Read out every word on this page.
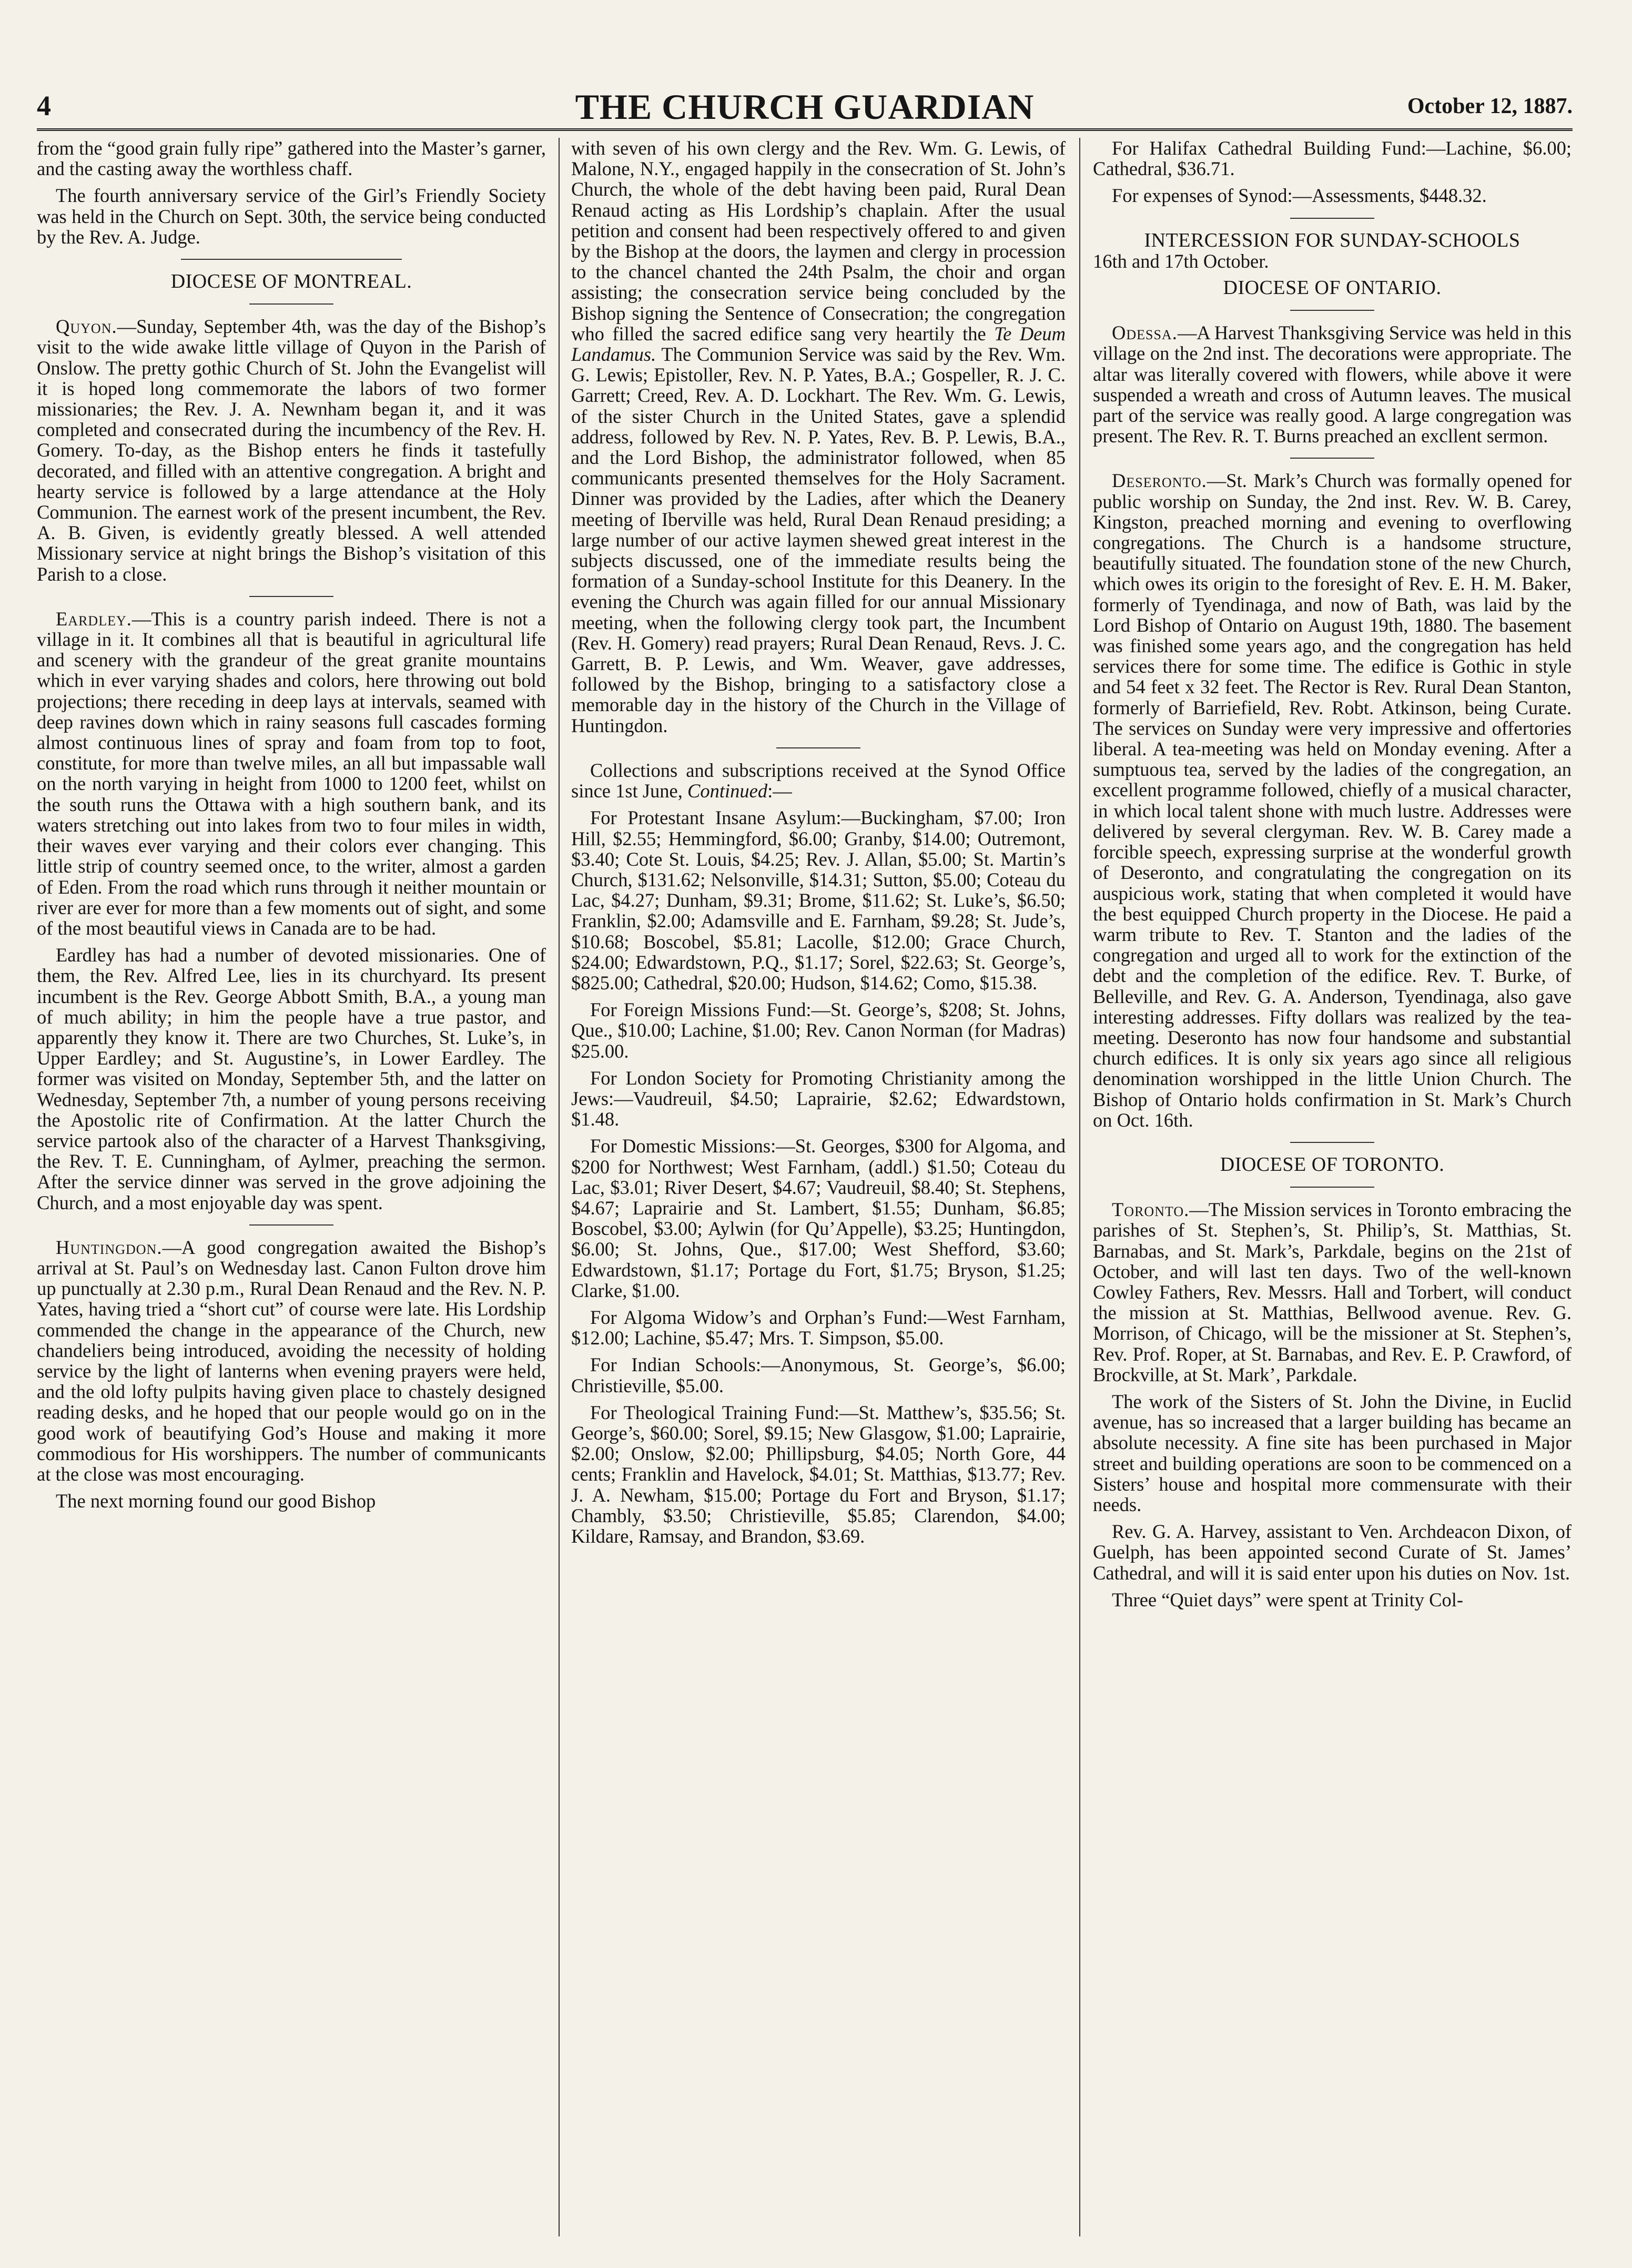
4	THE CHURCH GUARDIAN	October 12, 1887.

from the “good grain fully ripe” gathered into the Master’s garner, and the casting away the worthless chaff.

The fourth anniversary service of the Girl’s Friendly Society was held in the Church on Sept. 30th, the service being conducted by the Rev. A. Judge.

DIOCESE OF MONTREAL.

Quyon.—Sunday, September 4th, was the day of the Bishop’s visit to the wide awake little village of Quyon in the Parish of Onslow. The pretty gothic Church of St. John the Evangelist will it is hoped long commemorate the labors of two former missionaries; the Rev. J. A. Newnham began it, and it was completed and consecrated during the incumbency of the Rev. H. Gomery. To-day, as the Bishop enters he finds it tastefully decorated, and filled with an attentive congregation. A bright and hearty service is followed by a large attendance at the Holy Communion. The earnest work of the present incumbent, the Rev. A. B. Given, is evidently greatly blessed. A well attended Missionary service at night brings the Bishop’s visitation of this Parish to a close.

Eardley.—This is a country parish indeed. There is not a village in it. It combines all that is beautiful in agricultural life and scenery with the grandeur of the great granite mountains which in ever varying shades and colors, here throwing out bold projections; there receding in deep lays at intervals, seamed with deep ravines down which in rainy seasons full cascades forming almost continuous lines of spray and foam from top to foot, constitute, for more than twelve miles, an all but impassable wall on the north varying in height from 1000 to 1200 feet, whilst on the south runs the Ottawa with a high southern bank, and its waters stretching out into lakes from two to four miles in width, their waves ever varying and their colors ever changing. This little strip of country seemed once, to the writer, almost a garden of Eden. From the road which runs through it neither mountain or river are ever for more than a few moments out of sight, and some of the most beautiful views in Canada are to be had.

Eardley has had a number of devoted missionaries. One of them, the Rev. Alfred Lee, lies in its churchyard. Its present incumbent is the Rev. George Abbott Smith, B.A., a young man of much ability; in him the people have a true pastor, and apparently they know it. There are two Churches, St. Luke’s, in Upper Eardley; and St. Augustine’s, in Lower Eardley. The former was visited on Monday, September 5th, and the latter on Wednesday, September 7th, a number of young persons receiving the Apostolic rite of Confirmation. At the latter Church the service partook also of the character of a Harvest Thanksgiving, the Rev. T. E. Cunningham, of Aylmer, preaching the sermon. After the service dinner was served in the grove adjoining the Church, and a most enjoyable day was spent.

Huntingdon.—A good congregation awaited the Bishop’s arrival at St. Paul’s on Wednesday last. Canon Fulton drove him up punctually at 2.30 p.m., Rural Dean Renaud and the Rev. N. P. Yates, having tried a “short cut” of course were late. His Lordship commended the change in the appearance of the Church, new chandeliers being introduced, avoiding the necessity of holding service by the light of lanterns when evening prayers were held, and the old lofty pulpits having given place to chastely designed reading desks, and he hoped that our people would go on in the good work of beautifying God’s House and making it more commodious for His worshippers. The number of communicants at the close was most encouraging.

The next morning found our good Bishop

with seven of his own clergy and the Rev. Wm. G. Lewis, of Malone, N.Y., engaged happily in the consecration of St. John’s Church, the whole of the debt having been paid, Rural Dean Renaud acting as His Lordship’s chaplain. After the usual petition and consent had been respectively offered to and given by the Bishop at the doors, the laymen and clergy in procession to the chancel chanted the 24th Psalm, the choir and organ assisting; the consecration service being concluded by the Bishop signing the Sentence of Consecration; the congregation who filled the sacred edifice sang very heartily the Te Deum Landamus. The Communion Service was said by the Rev. Wm. G. Lewis; Epistoller, Rev. N. P. Yates, B.A.; Gospeller, R. J. C. Garrett; Creed, Rev. A. D. Lockhart. The Rev. Wm. G. Lewis, of the sister Church in the United States, gave a splendid address, followed by Rev. N. P. Yates, Rev. B. P. Lewis, B.A., and the Lord Bishop, the administrator followed, when 85 communicants presented themselves for the Holy Sacrament. Dinner was provided by the Ladies, after which the Deanery meeting of Iberville was held, Rural Dean Renaud presiding; a large number of our active laymen shewed great interest in the subjects discussed, one of the immediate results being the formation of a Sunday-school Institute for this Deanery. In the evening the Church was again filled for our annual Missionary meeting, when the following clergy took part, the Incumbent (Rev. H. Gomery) read prayers; Rural Dean Renaud, Revs. J. C. Garrett, B. P. Lewis, and Wm. Weaver, gave addresses, followed by the Bishop, bringing to a satisfactory close a memorable day in the history of the Church in the Village of Huntingdon.

Collections and subscriptions received at the Synod Office since 1st June, Continued:—

For Protestant Insane Asylum:—Buckingham, $7.00; Iron Hill, $2.55; Hemmingford, $6.00; Granby, $14.00; Outremont, $3.40; Cote St. Louis, $4.25; Rev. J. Allan, $5.00; St. Martin’s Church, $131.62; Nelsonville, $14.31; Sutton, $5.00; Coteau du Lac, $4.27; Dunham, $9.31; Brome, $11.62; St. Luke’s, $6.50; Franklin, $2.00; Adamsville and E. Farnham, $9.28; St. Jude’s, $10.68; Boscobel, $5.81; Lacolle, $12.00; Grace Church, $24.00; Edwardstown, P.Q., $1.17; Sorel, $22.63; St. George’s, $825.00; Cathedral, $20.00; Hudson, $14.62; Como, $15.38.

For Foreign Missions Fund:—St. George’s, $208; St. Johns, Que., $10.00; Lachine, $1.00; Rev. Canon Norman (for Madras) $25.00.

For London Society for Promoting Christianity among the Jews:—Vaudreuil, $4.50; Laprairie, $2.62; Edwardstown, $1.48.

For Domestic Missions:—St. Georges, $300 for Algoma, and $200 for Northwest; West Farnham, (addl.) $1.50; Coteau du Lac, $3.01; River Desert, $4.67; Vaudreuil, $8.40; St. Stephens, $4.67; Laprairie and St. Lambert, $1.55; Dunham, $6.85; Boscobel, $3.00; Aylwin (for Qu’Appelle), $3.25; Huntingdon, $6.00; St. Johns, Que., $17.00; West Shefford, $3.60; Edwardstown, $1.17; Portage du Fort, $1.75; Bryson, $1.25; Clarke, $1.00.

For Algoma Widow’s and Orphan’s Fund:—West Farnham, $12.00; Lachine, $5.47; Mrs. T. Simpson, $5.00.

For Indian Schools:—Anonymous, St. George’s, $6.00; Christieville, $5.00.

For Theological Training Fund:—St. Matthew’s, $35.56; St. George’s, $60.00; Sorel, $9.15; New Glasgow, $1.00; Laprairie, $2.00; Onslow, $2.00; Phillipsburg, $4.05; North Gore, 44 cents; Franklin and Havelock, $4.01; St. Matthias, $13.77; Rev. J. A. Newham, $15.00; Portage du Fort and Bryson, $1.17; Chambly, $3.50; Christieville, $5.85; Clarendon, $4.00; Kildare, Ramsay, and Brandon, $3.69.

For Halifax Cathedral Building Fund:—Lachine, $6.00; Cathedral, $36.71.

For expenses of Synod:—Assessments, $448.32.

INTERCESSION FOR SUNDAY-SCHOOLS

16th and 17th October.

DIOCESE OF ONTARIO.

Odessa.—A Harvest Thanksgiving Service was held in this village on the 2nd inst. The decorations were appropriate. The altar was literally covered with flowers, while above it were suspended a wreath and cross of Autumn leaves. The musical part of the service was really good. A large congregation was present. The Rev. R. T. Burns preached an excllent sermon.

Deseronto.—St. Mark’s Church was formally opened for public worship on Sunday, the 2nd inst. Rev. W. B. Carey, Kingston, preached morning and evening to overflowing congregations. The Church is a handsome structure, beautifully situated. The foundation stone of the new Church, which owes its origin to the foresight of Rev. E. H. M. Baker, formerly of Tyendinaga, and now of Bath, was laid by the Lord Bishop of Ontario on August 19th, 1880. The basement was finished some years ago, and the congregation has held services there for some time. The edifice is Gothic in style and 54 feet x 32 feet. The Rector is Rev. Rural Dean Stanton, formerly of Barriefield, Rev. Robt. Atkinson, being Curate. The services on Sunday were very impressive and offertories liberal. A tea-meeting was held on Monday evening. After a sumptuous tea, served by the ladies of the congregation, an excellent programme followed, chiefly of a musical character, in which local talent shone with much lustre. Addresses were delivered by several clergyman. Rev. W. B. Carey made a forcible speech, expressing surprise at the wonderful growth of Deseronto, and congratulating the congregation on its auspicious work, stating that when completed it would have the best equipped Church property in the Diocese. He paid a warm tribute to Rev. T. Stanton and the ladies of the congregation and urged all to work for the extinction of the debt and the completion of the edifice. Rev. T. Burke, of Belleville, and Rev. G. A. Anderson, Tyendinaga, also gave interesting addresses. Fifty dollars was realized by the tea-meeting. Deseronto has now four handsome and substantial church edifices. It is only six years ago since all religious denomination worshipped in the little Union Church. The Bishop of Ontario holds confirmation in St. Mark’s Church on Oct. 16th.

DIOCESE OF TORONTO.

Toronto.—The Mission services in Toronto embracing the parishes of St. Stephen’s, St. Philip’s, St. Matthias, St. Barnabas, and St. Mark’s, Parkdale, begins on the 21st of October, and will last ten days. Two of the well-known Cowley Fathers, Rev. Messrs. Hall and Torbert, will conduct the mission at St. Matthias, Bellwood avenue. Rev. G. Morrison, of Chicago, will be the missioner at St. Stephen’s, Rev. Prof. Roper, at St. Barnabas, and Rev. E. P. Crawford, of Brockville, at St. Mark’, Parkdale.

The work of the Sisters of St. John the Divine, in Euclid avenue, has so increased that a larger building has became an absolute necessity. A fine site has been purchased in Major street and building operations are soon to be commenced on a Sisters’ house and hospital more commensurate with their needs.

Rev. G. A. Harvey, assistant to Ven. Archdeacon Dixon, of Guelph, has been appointed second Curate of St. James’ Cathedral, and will it is said enter upon his duties on Nov. 1st.

Three “Quiet days” were spent at Trinity Col-
